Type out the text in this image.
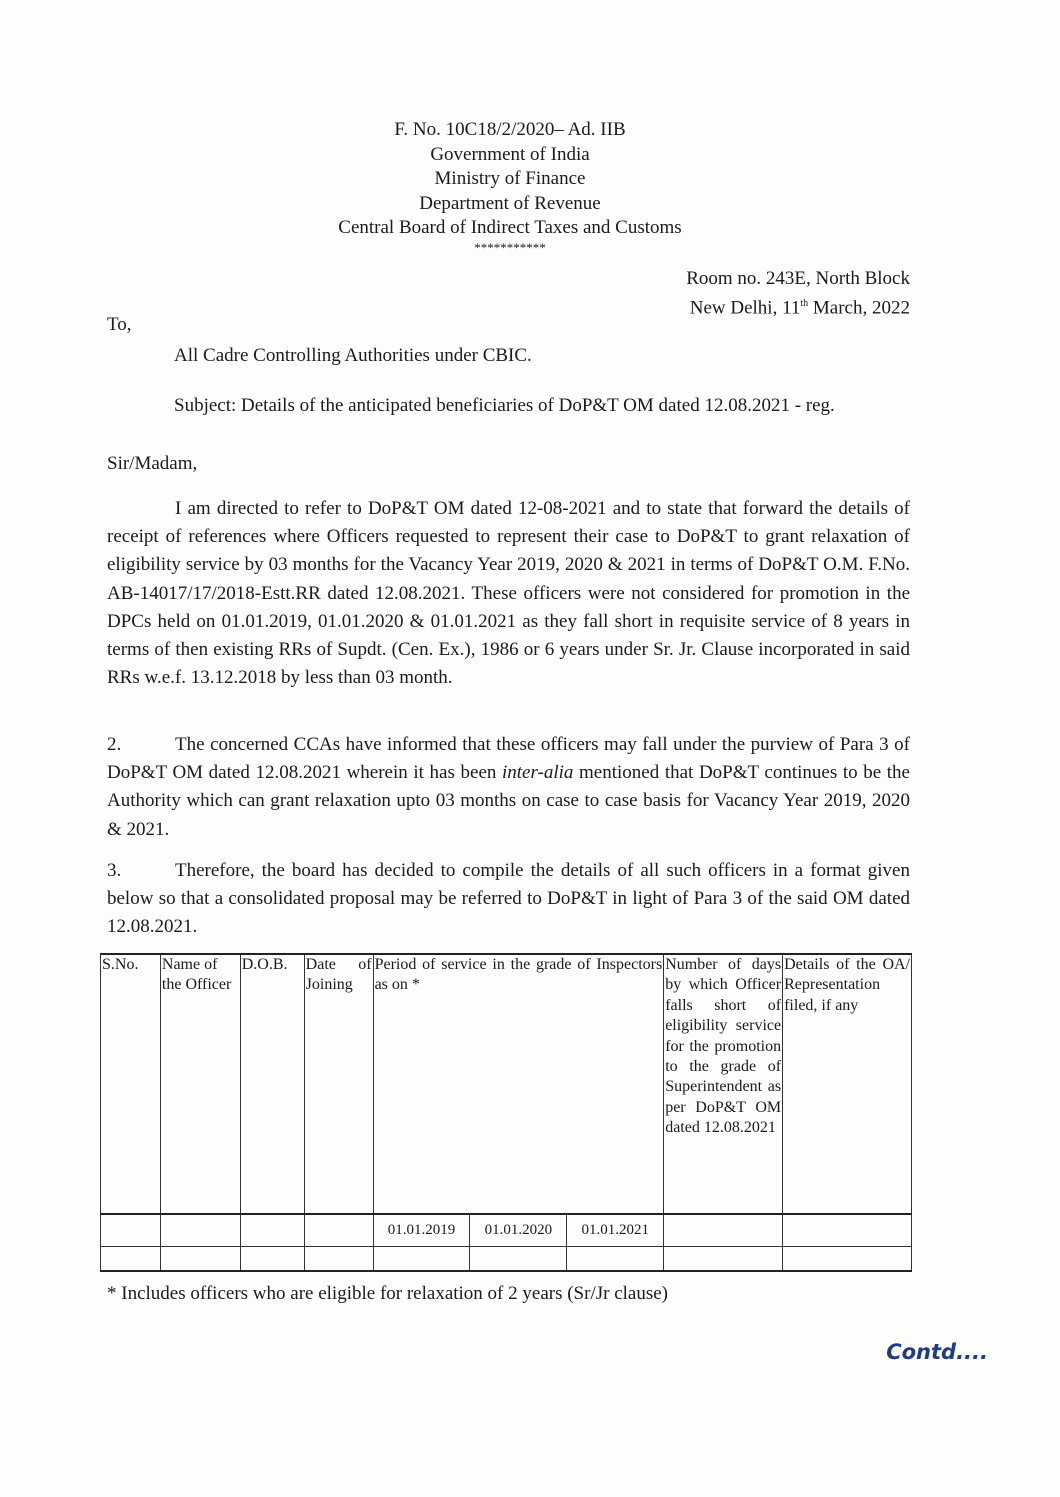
F. No. 10C18/2/2020– Ad. IIB
Government of India
Ministry of Finance
Department of Revenue
Central Board of Indirect Taxes and Customs
***********
Room no. 243E, North Block
New Delhi, 11th March, 2022
To,
All Cadre Controlling Authorities under CBIC.
Subject: Details of the anticipated beneficiaries of DoP&T OM dated 12.08.2021 - reg.
Sir/Madam,
I am directed to refer to DoP&T OM dated 12-08-2021 and to state that forward the details of receipt of references where Officers requested to represent their case to DoP&T to grant relaxation of eligibility service by 03 months for the Vacancy Year 2019, 2020 & 2021 in terms of DoP&T O.M. F.No. AB-14017/17/2018-Estt.RR dated 12.08.2021. These officers were not considered for promotion in the DPCs held on 01.01.2019, 01.01.2020 & 01.01.2021 as they fall short in requisite service of 8 years in terms of then existing RRs of Supdt. (Cen. Ex.), 1986 or 6 years under Sr. Jr. Clause incorporated in said RRs w.e.f. 13.12.2018 by less than 03 month.
2.	The concerned CCAs have informed that these officers may fall under the purview of Para 3 of DoP&T OM dated 12.08.2021 wherein it has been inter-alia mentioned that DoP&T continues to be the Authority which can grant relaxation upto 03 months on case to case basis for Vacancy Year 2019, 2020 & 2021.
3.	Therefore, the board has decided to compile the details of all such officers in a format given below so that a consolidated proposal may be referred to DoP&T in light of Para 3 of the said OM dated 12.08.2021.
S.No.	Name of the Officer	D.O.B.	Date of Joining	Period of service in the grade of Inspectors as on *			Number of days by which Officer falls short of eligibility service for the promotion to the grade of Superintendent as per DoP&T OM dated 12.08.2021	Details of the OA/ Representation filed, if any
				01.01.2019	01.01.2020	01.01.2021		

* Includes officers who are eligible for relaxation of 2 years (Sr/Jr clause)
Contd....
